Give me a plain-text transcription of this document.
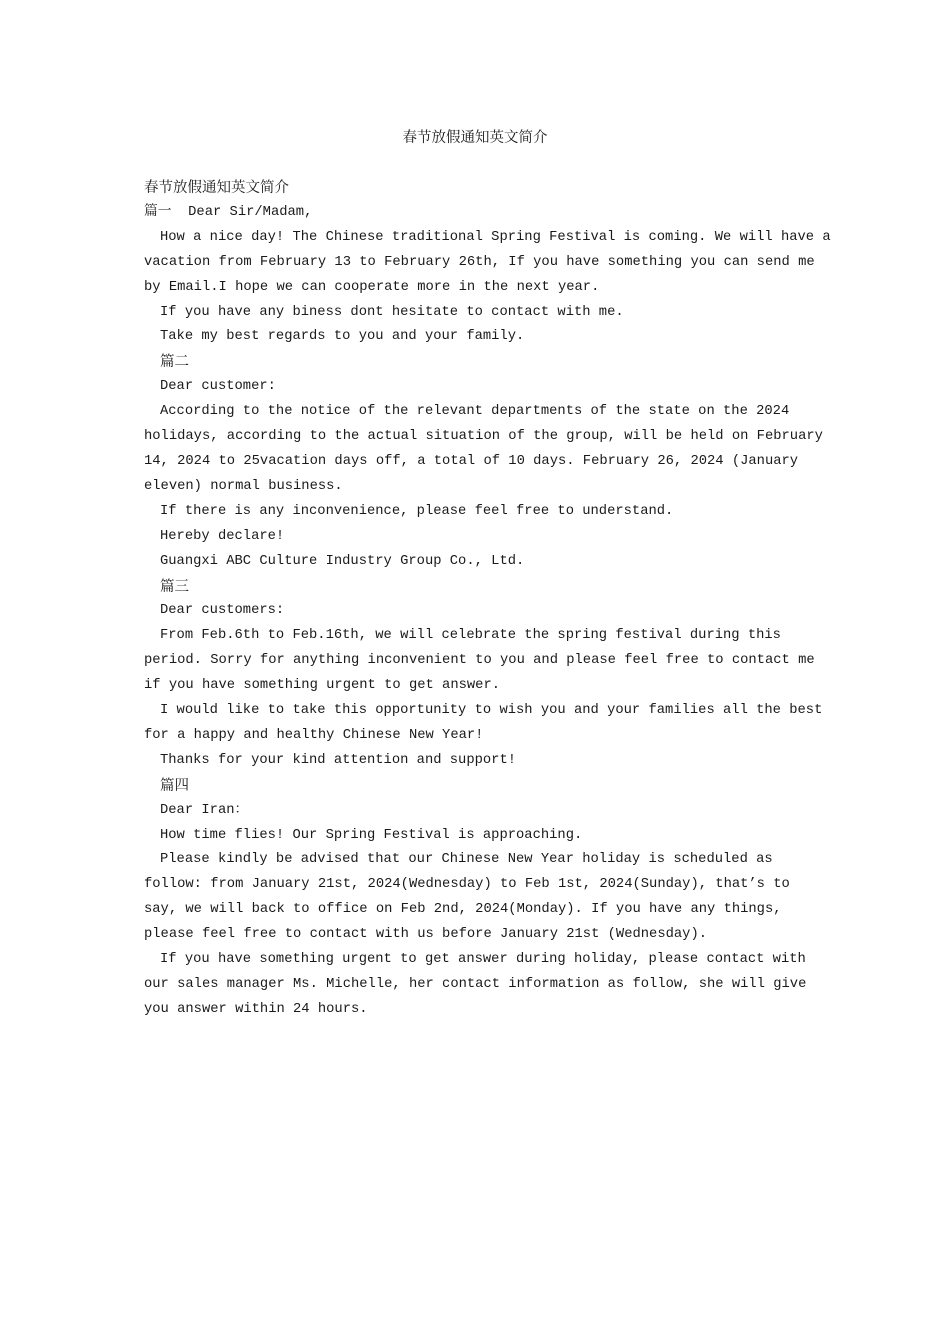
春节放假通知英文简介
春节放假通知英文简介
篇一  Dear Sir/Madam,
How a nice day! The Chinese traditional Spring Festival is coming. We will have a
vacation from February 13 to February 26th, If you have something you can send me
by Email.I hope we can cooperate more in the next year.
If you have any biness dont hesitate to contact with me.
Take my best regards to you and your family.
篇二
Dear customer:
According to the notice of the relevant departments of the state on the 2024
holidays, according to the actual situation of the group, will be held on February
14, 2024 to 25vacation days off, a total of 10 days. February 26, 2024 (January
eleven) normal business.
If there is any inconvenience, please feel free to understand.
Hereby declare!
Guangxi ABC Culture Industry Group Co., Ltd.
篇三
Dear customers:
From Feb.6th to Feb.16th, we will celebrate the spring festival during this
period. Sorry for anything inconvenient to you and please feel free to contact me
if you have something urgent to get answer.
I would like to take this opportunity to wish you and your families all the best
for a happy and healthy Chinese New Year!
Thanks for your kind attention and support!
篇四
Dear Iran：
How time flies! Our Spring Festival is approaching.
Please kindly be advised that our Chinese New Year holiday is scheduled as
follow: from January 21st, 2024(Wednesday) to Feb 1st, 2024(Sunday), that’s to
say, we will back to office on Feb 2nd, 2024(Monday). If you have any things,
please feel free to contact with us before January 21st (Wednesday).
If you have something urgent to get answer during holiday, please contact with
our sales manager Ms. Michelle, her contact information as follow, she will give
you answer within 24 hours.
